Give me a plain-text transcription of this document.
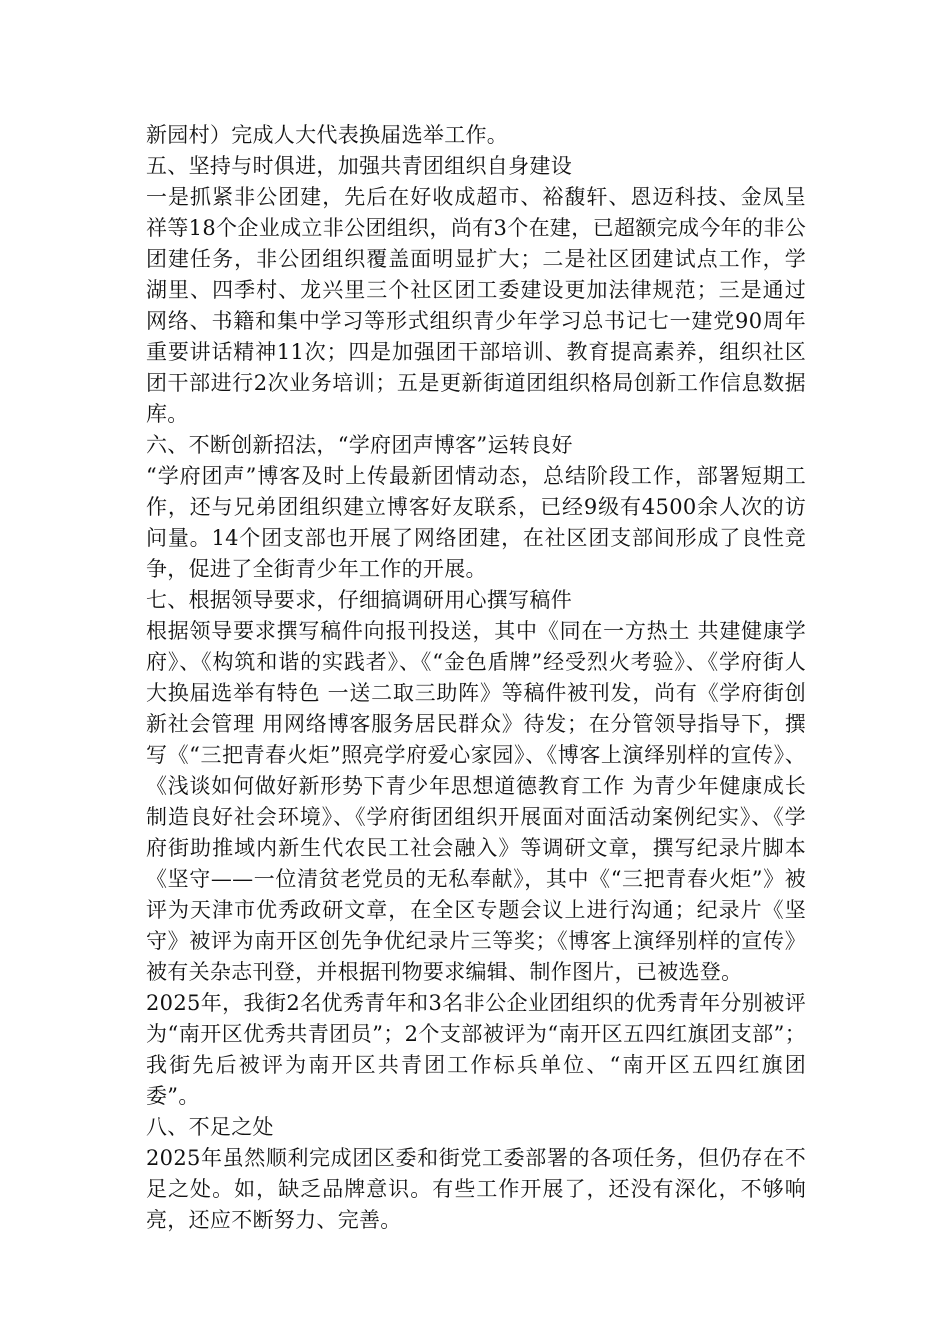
新园村）完成人大代表换届选举工作。

五、坚持与时俱进，加强共青团组织自身建设

一是抓紧非公团建，先后在好收成超市、裕馥轩、恩迈科技、金凤呈祥等18个企业成立非公团组织，尚有3个在建，已超额完成今年的非公团建任务，非公团组织覆盖面明显扩大；二是社区团建试点工作，学湖里、四季村、龙兴里三个社区团工委建设更加法律规范；三是通过网络、书籍和集中学习等形式组织青少年学习总书记七一建党90周年重要讲话精神11次；四是加强团干部培训、教育提高素养，组织社区团干部进行2次业务培训；五是更新街道团组织格局创新工作信息数据库。

六、不断创新招法，“学府团声博客”运转良好

“学府团声”博客及时上传最新团情动态，总结阶段工作，部署短期工作，还与兄弟团组织建立博客好友联系，已经9级有4500余人次的访问量。14个团支部也开展了网络团建，在社区团支部间形成了良性竞争，促进了全街青少年工作的开展。

七、根据领导要求，仔细搞调研用心撰写稿件

根据领导要求撰写稿件向报刊投送，其中《同在一方热土 共建健康学府》、《构筑和谐的实践者》、《“金色盾牌”经受烈火考验》、《学府街人大换届选举有特色 一送二取三助阵》等稿件被刊发，尚有《学府街创新社会管理 用网络博客服务居民群众》待发；在分管领导指导下，撰写《“三把青春火炬”照亮学府爱心家园》、《博客上演绎别样的宣传》、《浅谈如何做好新形势下青少年思想道德教育工作 为青少年健康成长制造良好社会环境》、《学府街团组织开展面对面活动案例纪实》、《学府街助推域内新生代农民工社会融入》等调研文章，撰写纪录片脚本《坚守——一位清贫老党员的无私奉献》，其中《“三把青春火炬”》被评为天津市优秀政研文章，在全区专题会议上进行沟通；纪录片《坚守》被评为南开区创先争优纪录片三等奖；《博客上演绎别样的宣传》被有关杂志刊登，并根据刊物要求编辑、制作图片，已被选登。

2025年，我街2名优秀青年和3名非公企业团组织的优秀青年分别被评为“南开区优秀共青团员”；2个支部被评为“南开区五四红旗团支部”；我街先后被评为南开区共青团工作标兵单位、“南开区五四红旗团委”。

八、不足之处

2025年虽然顺利完成团区委和街党工委部署的各项任务，但仍存在不足之处。如，缺乏品牌意识。有些工作开展了，还没有深化，不够响亮，还应不断努力、完善。
